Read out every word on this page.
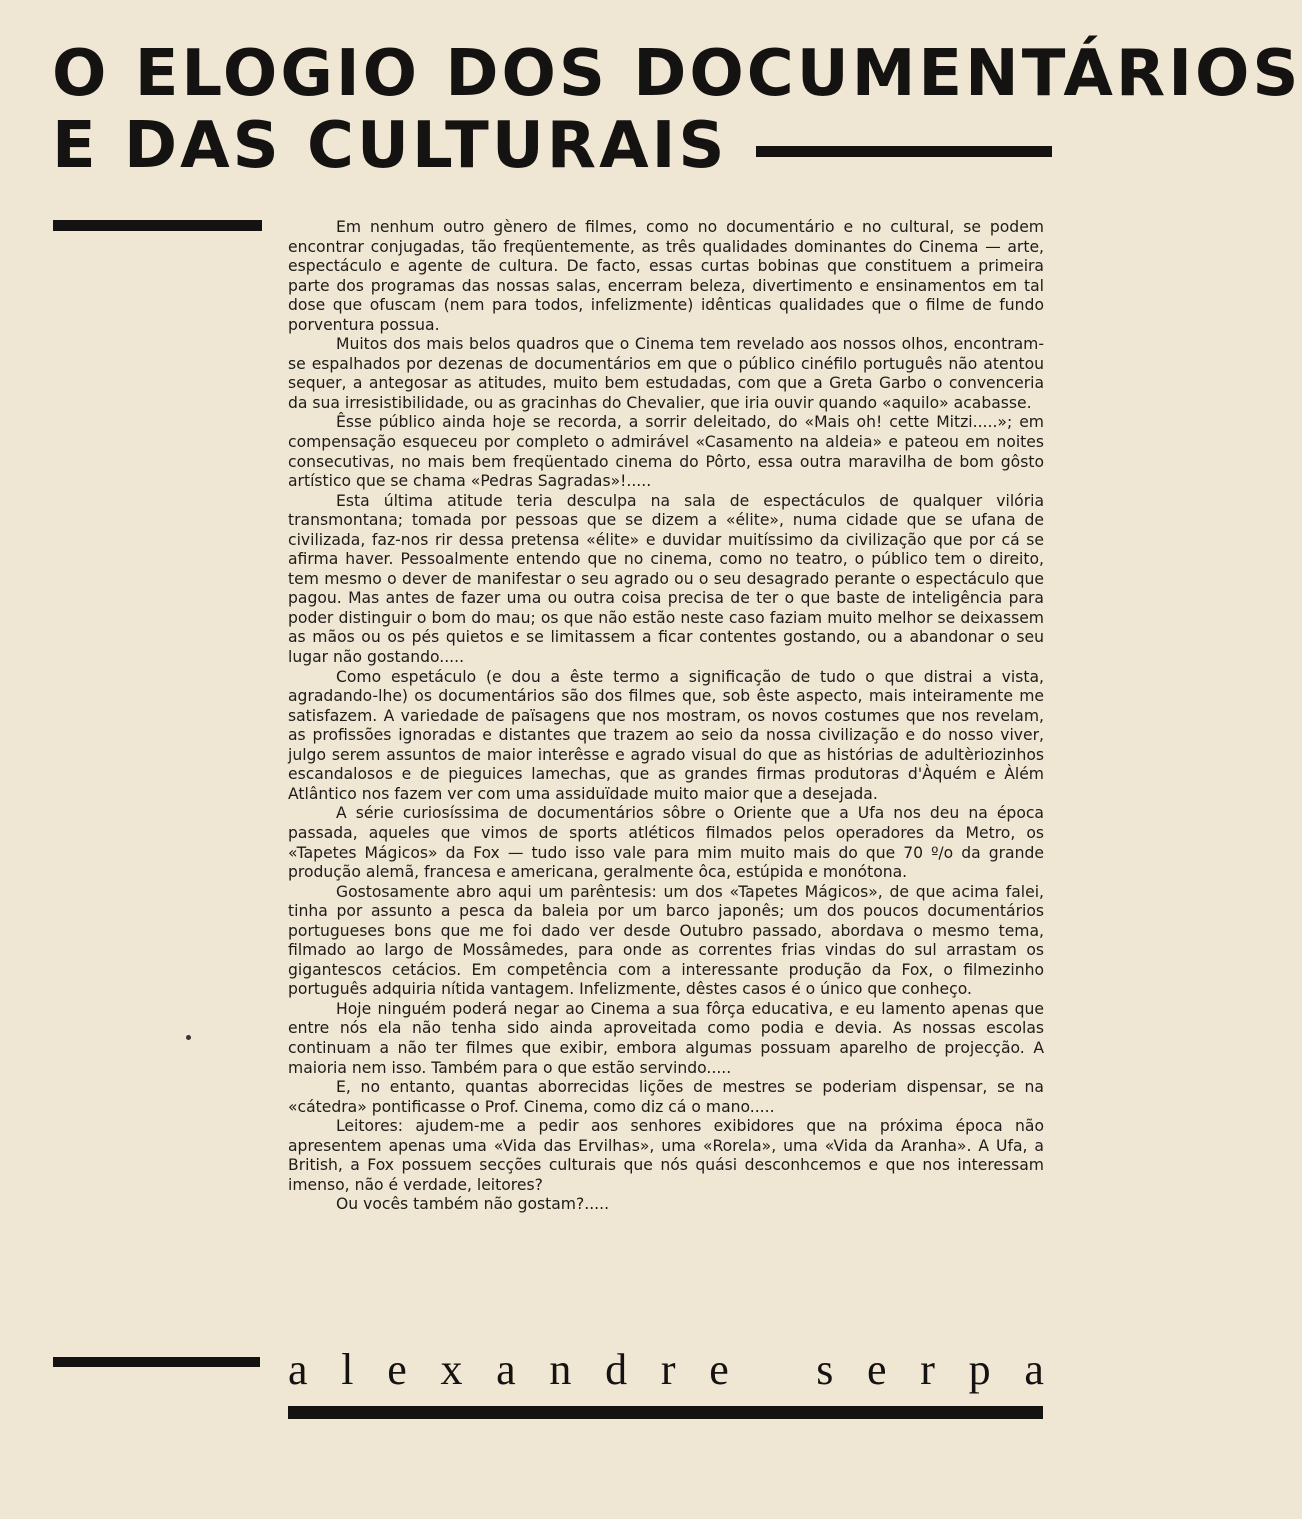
O ELOGIO DOS DOCUMENTÁRIOS
E DAS CULTURAIS

Em nenhum outro gènero de filmes, como no documentário e no cultural, se podem encontrar conjugadas, tão freqüentemente, as três qualidades dominantes do Cinema — arte, espectáculo e agente de cultura. De facto, essas curtas bobinas que constituem a primeira parte dos programas das nossas salas, encerram beleza, divertimento e ensinamentos em tal dose que ofuscam (nem para todos, infelizmente) idênticas qualidades que o filme de fundo porventura possua.

Muitos dos mais belos quadros que o Cinema tem revelado aos nossos olhos, encontram-se espalhados por dezenas de documentários em que o público cinéfilo português não atentou sequer, a antegosar as atitudes, muito bem estudadas, com que a Greta Garbo o convenceria da sua irresistibilidade, ou as gracinhas do Chevalier, que iria ouvir quando «aquilo» acabasse.

Êsse público ainda hoje se recorda, a sorrir deleitado, do «Mais oh! cette Mitzi.....»; em compensação esqueceu por completo o admirável «Casamento na aldeia» e pateou em noites consecutivas, no mais bem freqüentado cinema do Pôrto, essa outra maravilha de bom gôsto artístico que se chama «Pedras Sagradas»!.....

Esta última atitude teria desculpa na sala de espectáculos de qualquer vilória transmontana; tomada por pessoas que se dizem a «élite», numa cidade que se ufana de civilizada, faz-nos rir dessa pretensa «élite» e duvidar muitíssimo da civilização que por cá se afirma haver. Pessoalmente entendo que no cinema, como no teatro, o público tem o direito, tem mesmo o dever de manifestar o seu agrado ou o seu desagrado perante o espectáculo que pagou. Mas antes de fazer uma ou outra coisa precisa de ter o que baste de inteligência para poder distinguir o bom do mau; os que não estão neste caso faziam muito melhor se deixassem as mãos ou os pés quietos e se limitassem a ficar contentes gostando, ou a abandonar o seu lugar não gostando.....

Como espetáculo (e dou a êste termo a significação de tudo o que distrai a vista, agradando-lhe) os documentários são dos filmes que, sob êste aspecto, mais inteiramente me satisfazem. A variedade de païsagens que nos mostram, os novos costumes que nos revelam, as profissões ignoradas e distantes que trazem ao seio da nossa civilização e do nosso viver, julgo serem assuntos de maior interêsse e agrado visual do que as histórias de adultèriozinhos escandalosos e de pieguices lamechas, que as grandes firmas produtoras d'Àquém e Àlém Atlântico nos fazem ver com uma assiduïdade muito maior que a desejada.

A série curiosíssima de documentários sôbre o Oriente que a Ufa nos deu na época passada, aqueles que vimos de sports atléticos filmados pelos operadores da Metro, os «Tapetes Mágicos» da Fox — tudo isso vale para mim muito mais do que 70 º/o da grande produção alemã, francesa e americana, geralmente ôca, estúpida e monótona.

Gostosamente abro aqui um parêntesis: um dos «Tapetes Mágicos», de que acima falei, tinha por assunto a pesca da baleia por um barco japonês; um dos poucos documentários portugueses bons que me foi dado ver desde Outubro passado, abordava o mesmo tema, filmado ao largo de Mossâmedes, para onde as correntes frias vindas do sul arrastam os gigantescos cetácios. Em competência com a interessante produção da Fox, o filmezinho português adquiria nítida vantagem. Infelizmente, dêstes casos é o único que conheço.

Hoje ninguém poderá negar ao Cinema a sua fôrça educativa, e eu lamento apenas que entre nós ela não tenha sido ainda aproveitada como podia e devia. As nossas escolas continuam a não ter filmes que exibir, embora algumas possuam aparelho de projecção. A maioria nem isso. Também para o que estão servindo.....

E, no entanto, quantas aborrecidas lições de mestres se poderiam dispensar, se na «cátedra» pontificasse o Prof. Cinema, como diz cá o mano.....

Leitores: ajudem-me a pedir aos senhores exibidores que na próxima época não apresentem apenas uma «Vida das Ervilhas», uma «Rorela», uma «Vida da Aranha». A Ufa, a British, a Fox possuem secções culturais que nós quási desconhcemos e que nos interessam imenso, não é verdade, leitores?

Ou vocês também não gostam?.....

a l e x a n d r e s e r p a
